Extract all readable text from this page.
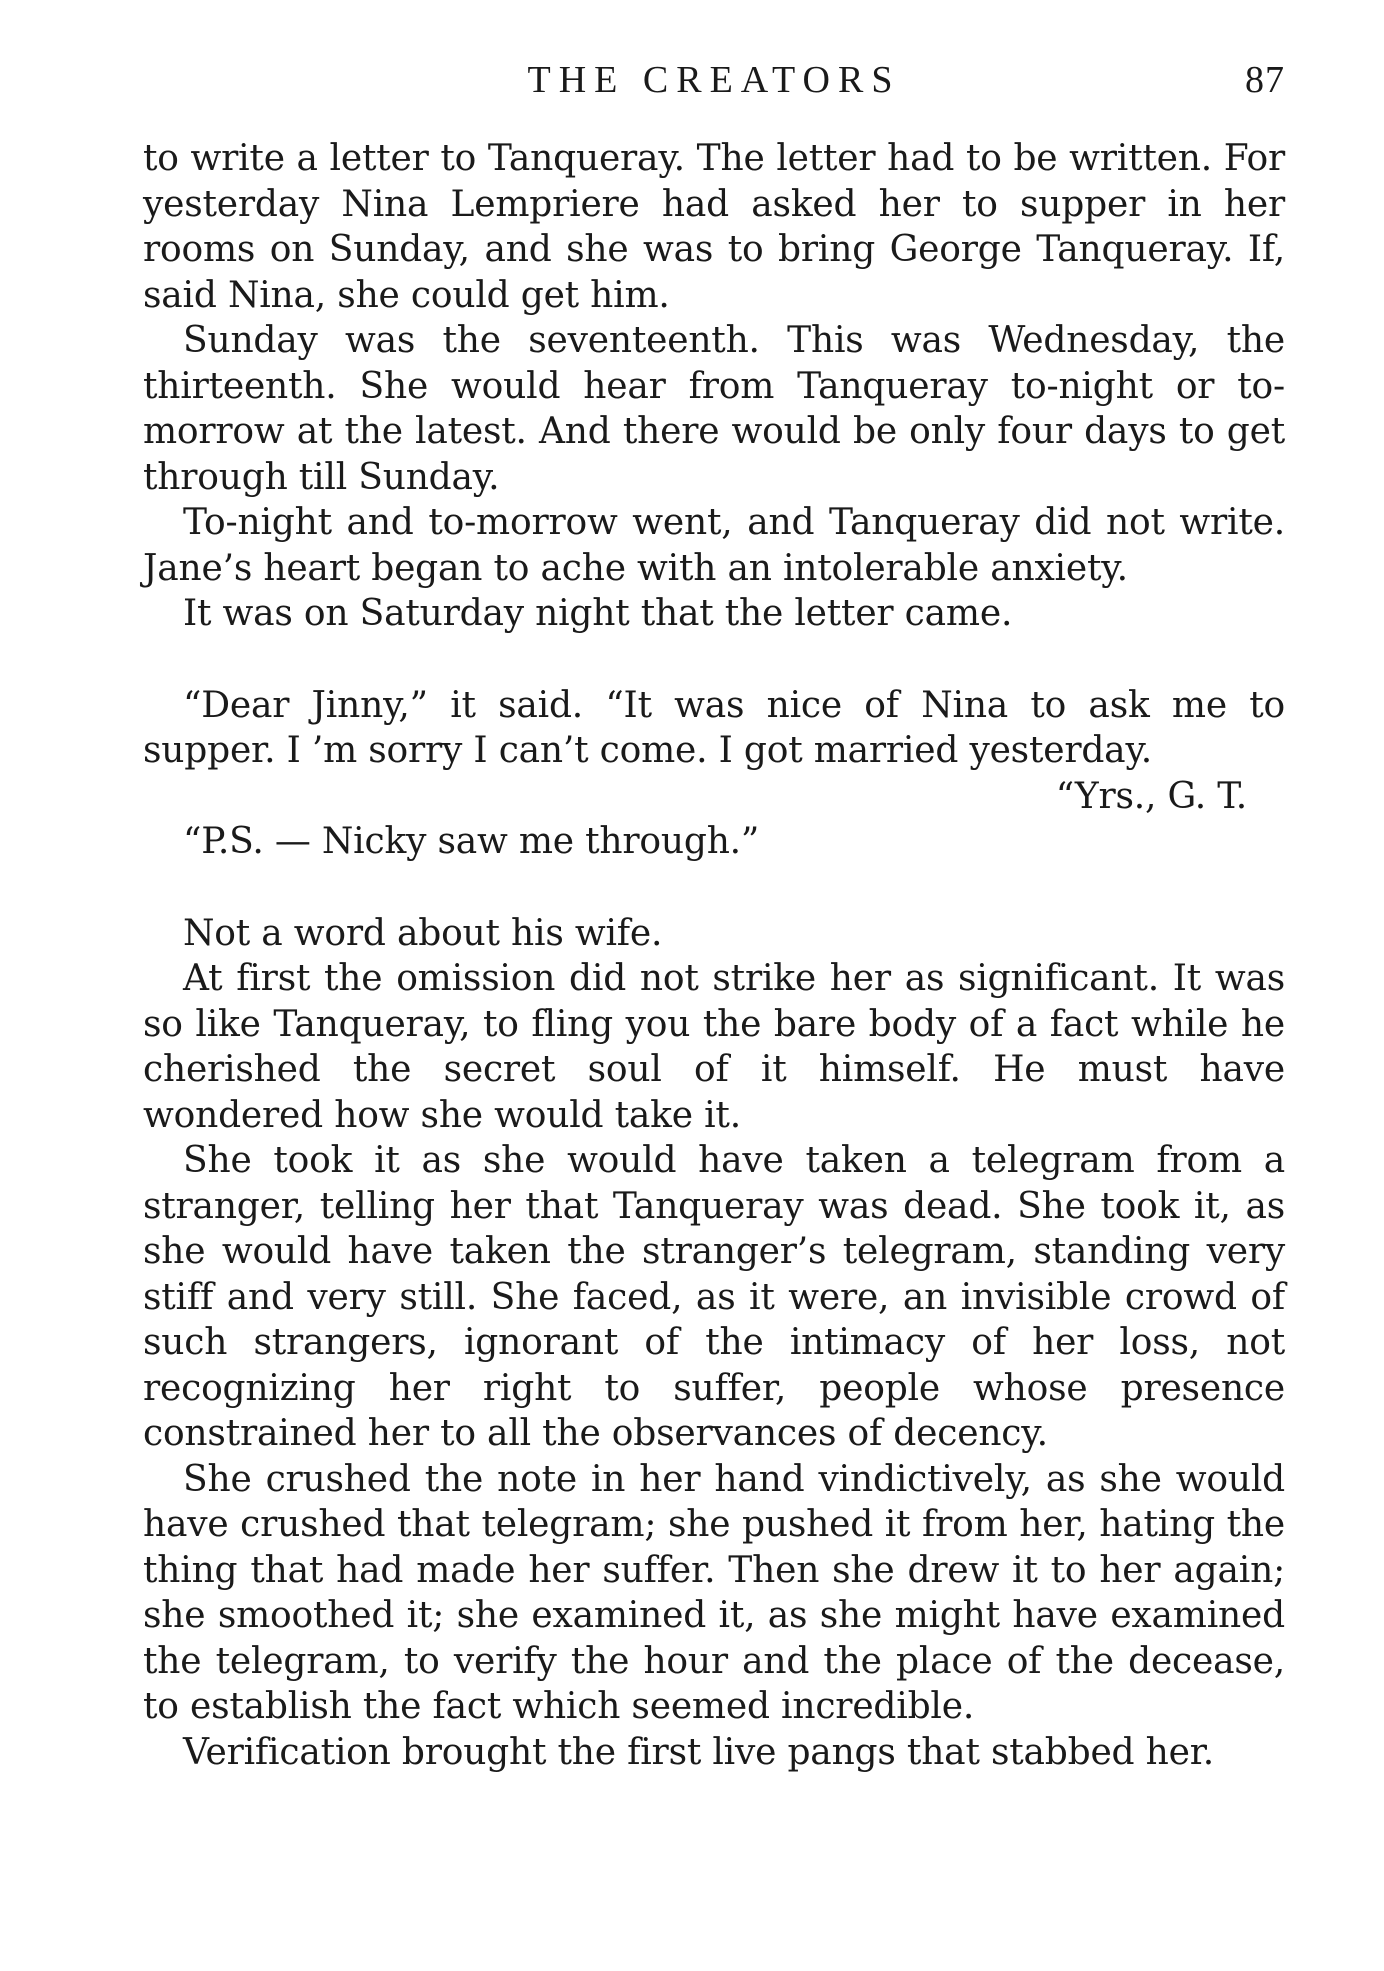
THE CREATORS	87

to write a letter to Tanqueray. The letter had to be written. For yesterday Nina Lempriere had asked her to supper in her rooms on Sunday, and she was to bring George Tanqueray. If, said Nina, she could get him.

Sunday was the seventeenth. This was Wednesday, the thirteenth. She would hear from Tanqueray to-night or to-morrow at the latest. And there would be only four days to get through till Sunday.

To-night and to-morrow went, and Tanqueray did not write. Jane’s heart began to ache with an intolerable anxiety.

It was on Saturday night that the letter came.

“Dear Jinny,” it said. “It was nice of Nina to ask me to supper. I ’m sorry I can’t come. I got married yesterday.

“Yrs., G. T.

“P.S. — Nicky saw me through.”

Not a word about his wife.

At first the omission did not strike her as significant. It was so like Tanqueray, to fling you the bare body of a fact while he cherished the secret soul of it himself. He must have wondered how she would take it.

She took it as she would have taken a telegram from a stranger, telling her that Tanqueray was dead. She took it, as she would have taken the stranger’s telegram, standing very stiff and very still. She faced, as it were, an invisible crowd of such strangers, ignorant of the intimacy of her loss, not recognizing her right to suffer, people whose presence constrained her to all the observances of decency.

She crushed the note in her hand vindictively, as she would have crushed that telegram; she pushed it from her, hating the thing that had made her suffer. Then she drew it to her again; she smoothed it; she examined it, as she might have examined the telegram, to verify the hour and the place of the decease, to establish the fact which seemed incredible.

Verification brought the first live pangs that stabbed her.
